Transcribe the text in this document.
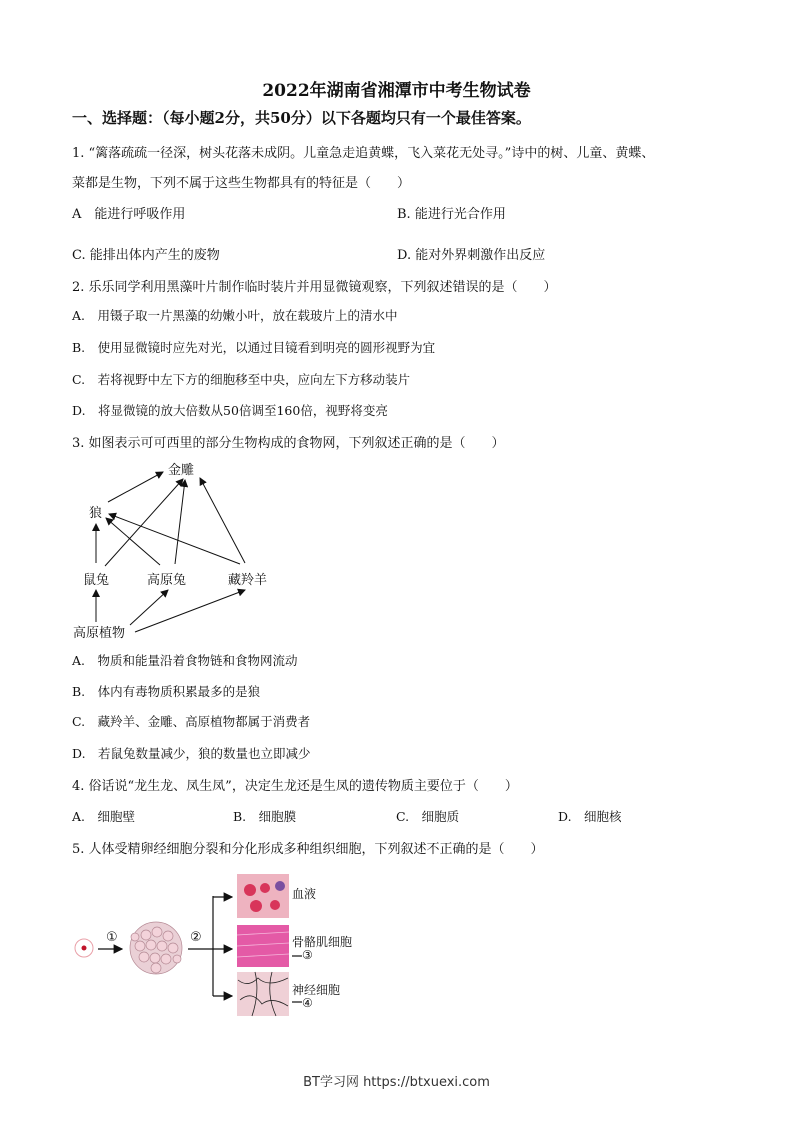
2022年湖南省湘潭市中考生物试卷
一、选择题：（每小题2分，共50分）以下各题均只有一个最佳答案。
1. “篱落疏疏一径深，树头花落未成阴。儿童急走追黄蝶，飞入菜花无处寻。”诗中的树、儿童、黄蝶、
菜都是生物，下列不属于这些生物都具有的特征是（　　）
A　能进行呼吸作用	B. 能进行光合作用
C. 能排出体内产生的废物	D. 能对外界刺激作出反应
2. 乐乐同学利用黑藻叶片制作临时装片并用显微镜观察，下列叙述错误的是（　　）
A.　用镊子取一片黑藻的幼嫩小叶，放在载玻片上的清水中
B.　使用显微镜时应先对光，以通过目镜看到明亮的圆形视野为宜
C.　若将视野中左下方的细胞移至中央，应向左下方移动装片
D.　将显微镜的放大倍数从50倍调至160倍，视野将变亮
3. 如图表示可可西里的部分生物构成的食物网，下列叙述正确的是（　　）
金雕
狼
鼠兔	高原兔	藏羚羊
高原植物
A.　物质和能量沿着食物链和食物网流动
B.　体内有毒物质积累最多的是狼
C.　藏羚羊、金雕、高原植物都属于消费者
D.　若鼠兔数量减少，狼的数量也立即减少
4. 俗话说“龙生龙、凤生凤”，决定生龙还是生凤的遗传物质主要位于（　　）
A.　细胞壁	B.　细胞膜	C.　细胞质	D.　细胞核
5. 人体受精卵经细胞分裂和分化形成多种组织细胞，下列叙述不正确的是（　　）
①	②
血液
骨骼肌细胞
③
神经细胞
④
BT学习网 https://btxuexi.com
